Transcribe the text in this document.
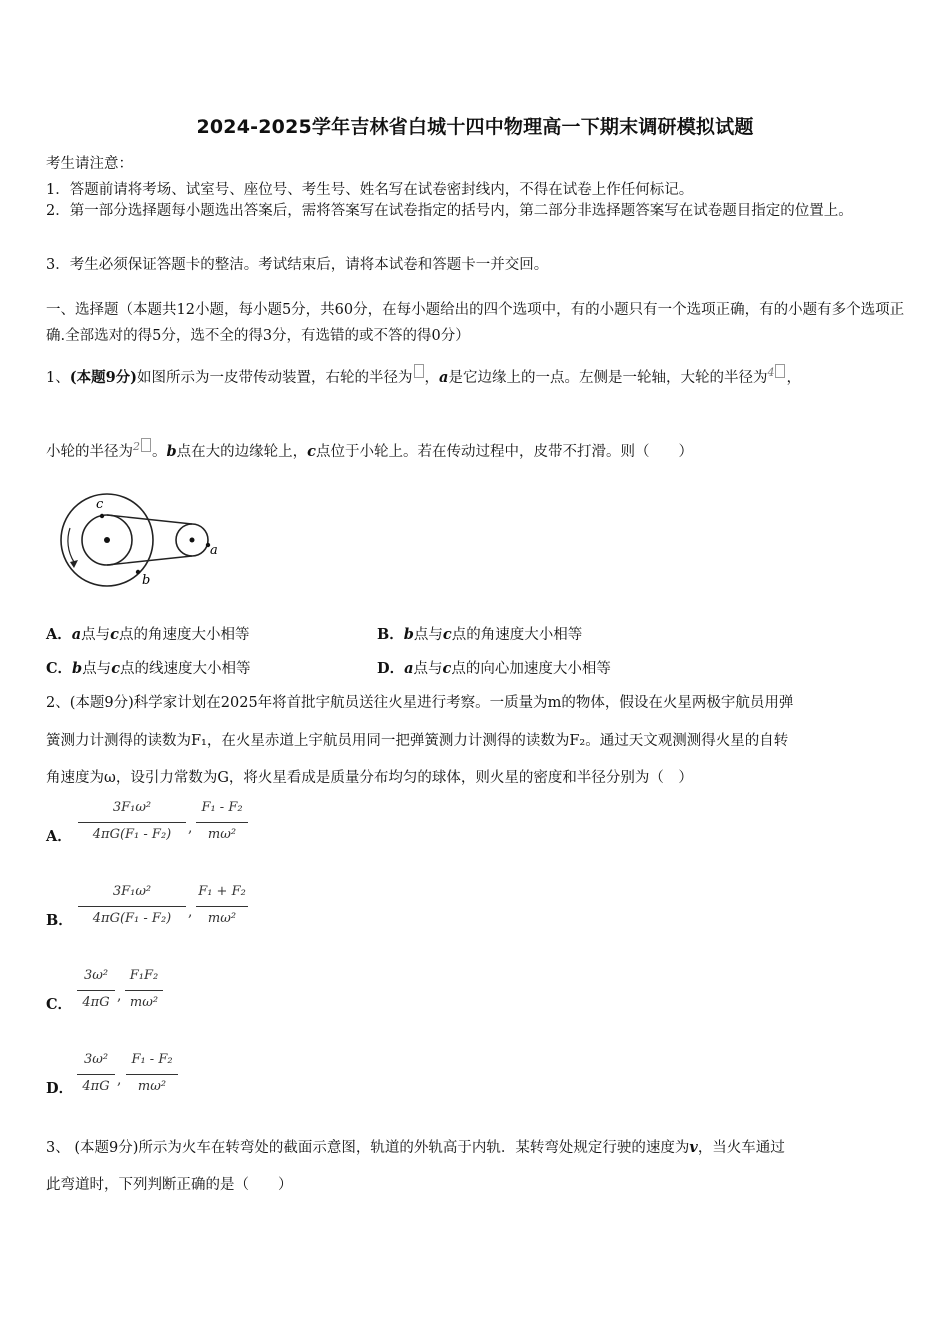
2024-2025学年吉林省白城十四中物理高一下期末调研模拟试题
考生请注意：
1．答题前请将考场、试室号、座位号、考生号、姓名写在试卷密封线内，不得在试卷上作任何标记。
2．第一部分选择题每小题选出答案后，需将答案写在试卷指定的括号内，第二部分非选择题答案写在试卷题目指定的位置上。
3．考生必须保证答题卡的整洁。考试结束后，请将本试卷和答题卡一并交回。
一、选择题（本题共12小题，每小题5分，共60分，在每小题给出的四个选项中，有的小题只有一个选项正确，有的小题有多个选项正确.全部选对的得5分，选不全的得3分，有选错的或不答的得0分）
1、(本题9分)如图所示为一皮带传动装置，右轮的半径为 ，a是它边缘上的一点。左侧是一轮轴，大轮的半径为$^4$ ，
小轮的半径为$^2$ 。b点在大的边缘轮上，c点位于小轮上。若在传动过程中，皮带不打滑。则（　　）
c
b
a
A．a点与c点的角速度大小相等	B．b点与c点的角速度大小相等
C．b点与c点的线速度大小相等	D．a点与c点的向心加速度大小相等
2、(本题9分)科学家计划在2025年将首批宇航员送往火星进行考察。一质量为m的物体，假设在火星两极宇航员用弹
簧测力计测得的读数为F₁，在火星赤道上宇航员用同一把弹簧测力计测得的读数为F₂。通过天文观测测得火星的自转
角速度为ω，设引力常数为G，将火星看成是质量分布均匀的球体，则火星的密度和半径分别为（　）
A．
3F₁ω²
4πG(F₁ - F₂)	,
F₁ - F₂
mω²
B．
3F₁ω²
4πG(F₁ - F₂)	,
F₁ + F₂
mω²
C．
3ω²
4πG ,
F₁F₂
mω²
D．
3ω²
4πG ,
F₁ - F₂
mω²
3、 (本题9分)所示为火车在转弯处的截面示意图，轨道的外轨高于内轨．某转弯处规定行驶的速度为v，当火车通过
此弯道时，下列判断正确的是（　　）
